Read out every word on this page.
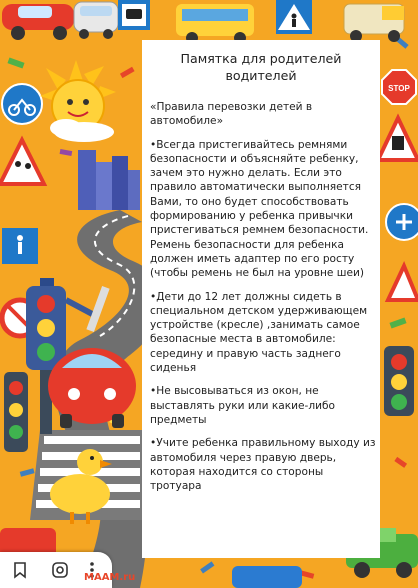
STOP
Памятка для родителей водителей

«Правила перевозки детей в автомобиле»

•Всегда пристегивайтесь ремнями безопасности и объясняйте ребенку, зачем это нужно делать. Если это правило автоматически выполняется Вами, то оно будет способствовать формированию у ребенка привычки пристегиваться ремнем безопасности. Ремень безопасности для ребенка должен иметь адаптер по его росту (чтобы ремень не был на уровне шеи)

•Дети до 12 лет должны сидеть в специальном детском удерживающем устройстве (кресле) ,занимать самое безопасные места в автомобиле: середину и правую часть заднего сиденья

•Не высовываться из окон, не выставлять руки или какие-либо предметы

•Учите ребенка правильному выходу из автомобиля через правую дверь, которая находится со стороны тротуара

MAAM.ru
